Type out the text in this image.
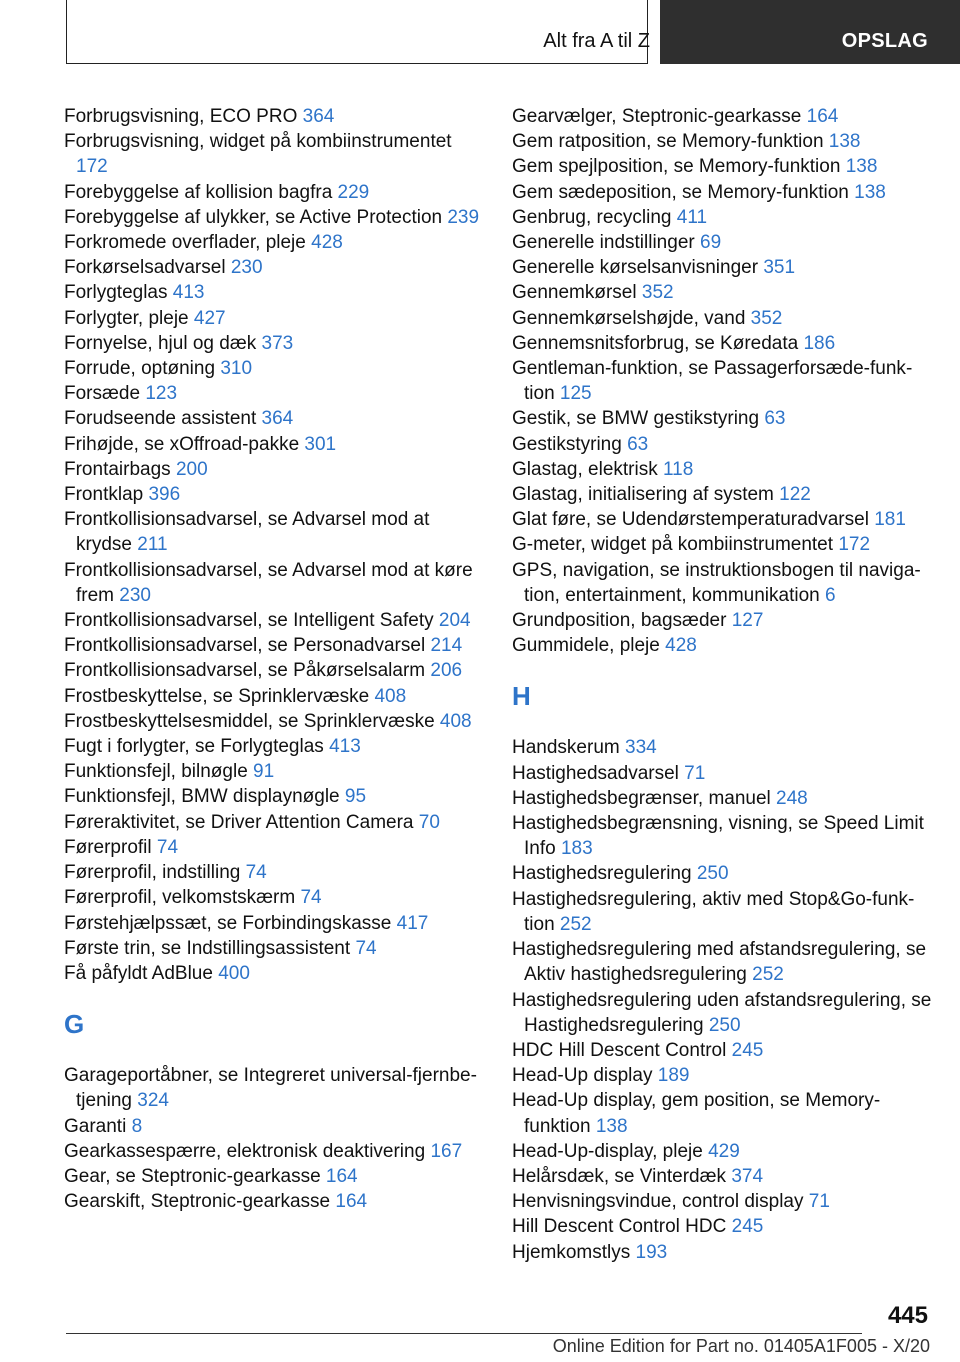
Alt fra A til Z	OPSLAG
Forbrugsvisning, ECO PRO 364
Forbrugsvisning, widget på kombiinstrumentet 172
Forebyggelse af kollision bagfra 229
Forebyggelse af ulykker, se Active Protection 239
Forkromede overflader, pleje 428
Forkørselsadvarsel 230
Forlygteglas 413
Forlygter, pleje 427
Fornyelse, hjul og dæk 373
Forrude, optøning 310
Forsæde 123
Forudseende assistent 364
Frihøjde, se xOffroad-pakke 301
Frontairbags 200
Frontklap 396
Frontkollisionsadvarsel, se Advarsel mod at krydse 211
Frontkollisionsadvarsel, se Advarsel mod at køre frem 230
Frontkollisionsadvarsel, se Intelligent Safety 204
Frontkollisionsadvarsel, se Personadvarsel 214
Frontkollisionsadvarsel, se Påkørselsalarm 206
Frostbeskyttelse, se Sprinklervæske 408
Frostbeskyttelsesmiddel, se Sprinklervæske 408
Fugt i forlygter, se Forlygteglas 413
Funktionsfejl, bilnøgle 91
Funktionsfejl, BMW displaynøgle 95
Føreraktivitet, se Driver Attention Camera 70
Førerprofil 74
Førerprofil, indstilling 74
Førerprofil, velkomstskærm 74
Førstehjælpssæt, se Forbindingskasse 417
Første trin, se Indstillingsassistent 74
Få påfyldt AdBlue 400
G
Garageportåbner, se Integreret universal-fjernbetjening 324
Garanti 8
Gearkassespærre, elektronisk deaktivering 167
Gear, se Steptronic-gearkasse 164
Gearskift, Steptronic-gearkasse 164
Gearvælger, Steptronic-gearkasse 164
Gem ratposition, se Memory-funktion 138
Gem spejlposition, se Memory-funktion 138
Gem sædeposition, se Memory-funktion 138
Genbrug, recycling 411
Generelle indstillinger 69
Generelle kørselsanvisninger 351
Gennemkørsel 352
Gennemkørselshøjde, vand 352
Gennemsnitsforbrug, se Køredata 186
Gentleman-funktion, se Passagerforsæde-funktion 125
Gestik, se BMW gestikstyring 63
Gestikstyring 63
Glastag, elektrisk 118
Glastag, initialisering af system 122
Glat føre, se Udendørstemperaturadvarsel 181
G-meter, widget på kombiinstrumentet 172
GPS, navigation, se instruktionsbogen til navigation, entertainment, kommunikation 6
Grundposition, bagsæder 127
Gummidele, pleje 428
H
Handskerum 334
Hastighedsadvarsel 71
Hastighedsbegrænser, manuel 248
Hastighedsbegrænsning, visning, se Speed Limit Info 183
Hastighedsregulering 250
Hastighedsregulering, aktiv med Stop&Go-funktion 252
Hastighedsregulering med afstandsregulering, se Aktiv hastighedsregulering 252
Hastighedsregulering uden afstandsregulering, se Hastighedsregulering 250
HDC Hill Descent Control 245
Head-Up display 189
Head-Up display, gem position, se Memory-funktion 138
Head-Up-display, pleje 429
Helårsdæk, se Vinterdæk 374
Henvisningsvindue, control display 71
Hill Descent Control HDC 245
Hjemkomstlys 193
445
Online Edition for Part no. 01405A1F005 - X/20
